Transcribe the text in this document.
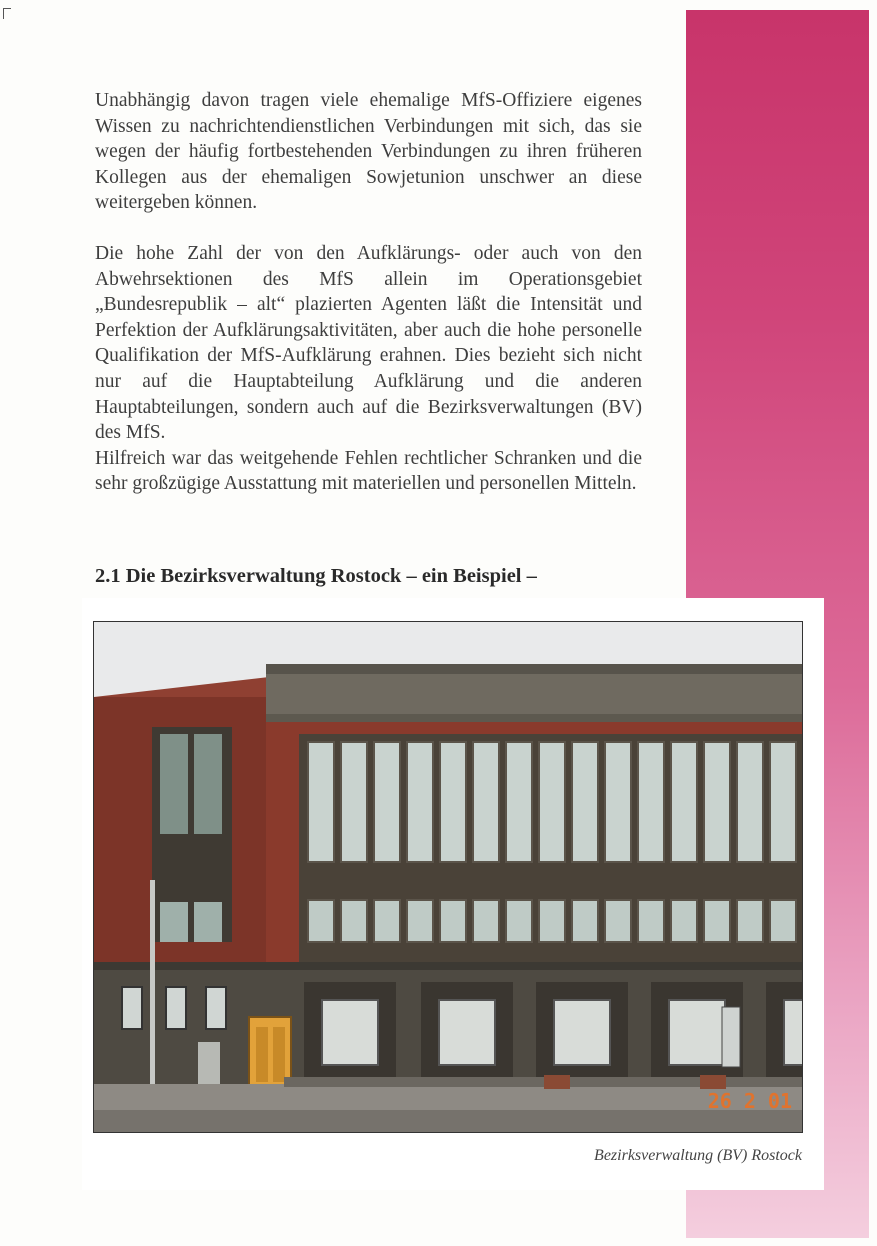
Unabhängig davon tragen viele ehemalige MfS-Offiziere eigenes Wissen zu nachrichtendienstlichen Verbindungen mit sich, das sie wegen der häufig fortbestehenden Verbindungen zu ihren früheren Kollegen aus der ehemaligen Sowjetunion unschwer an diese weitergeben können.

Die hohe Zahl der von den Aufklärungs- oder auch von den Abwehrsektionen des MfS allein im Operationsgebiet „Bundesrepublik – alt“ plazierten Agenten läßt die Intensität und Perfektion der Aufklärungsaktivitäten, aber auch die hohe personelle Qualifikation der MfS-Aufklärung erahnen. Dies bezieht sich nicht nur auf die Hauptabteilung Aufklärung und die anderen Hauptabteilungen, sondern auch auf die Bezirksverwaltungen (BV) des MfS.

Hilfreich war das weitgehende Fehlen rechtlicher Schranken und die sehr großzügige Ausstattung mit materiellen und personellen Mitteln.

2.1 Die Bezirksverwaltung Rostock – ein Beispiel –
26 2 01
Bezirksverwaltung (BV) Rostock
